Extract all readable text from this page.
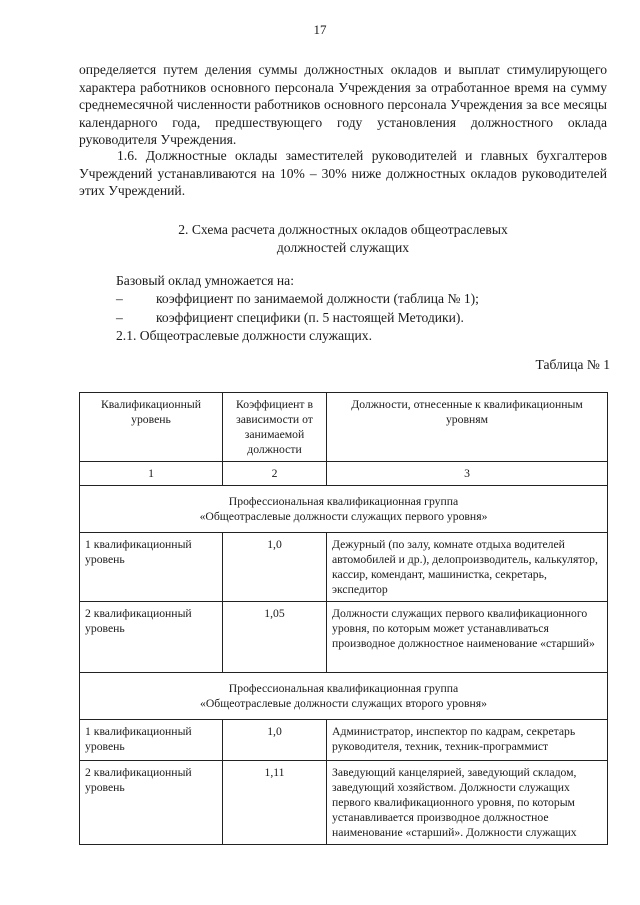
17

определяется путем деления суммы должностных окладов и выплат стимулирующего характера работников основного персонала Учреждения за отработанное время на сумму среднемесячной численности работников основного персонала Учреждения за все месяцы календарного года, предшествующего году установления должностного оклада руководителя Учреждения.

1.6. Должностные оклады заместителей руководителей и главных бухгалтеров Учреждений устанавливаются на 10% – 30% ниже должностных окладов руководителей этих Учреждений.

2. Схема расчета должностных окладов общеотраслевых
должностей служащих
Базовый оклад умножается на:
– коэффициент по занимаемой должности (таблица № 1);
– коэффициент специфики (п. 5 настоящей Методики).
2.1. Общеотраслевые должности служащих.
Таблица № 1
Квалификационный уровень	Коэффициент в зависимости от занимаемой должности	Должности, отнесенные к квалификационным уровням
1	2	3

Профессиональная квалификационная группа
«Общеотраслевые должности служащих первого уровня»		

1 квалификационный уровень	1,0	Дежурный (по залу, комнате отдыха водителей автомобилей и др.), делопроизводитель, калькулятор, кассир, комендант, машинистка, секретарь, экспедитор
2 квалификационный уровень	1,05	Должности служащих первого квалификационного уровня, по которым может устанавливаться производное должностное наименование «старший»

Профессиональная квалификационная группа
«Общеотраслевые должности служащих второго уровня»		

1 квалификационный уровень	1,0	Администратор, инспектор по кадрам, секретарь руководителя, техник, техник-программист
2 квалификационный уровень	1,11	Заведующий канцелярией, заведующий складом, заведующий хозяйством. Должности служащих первого квалификационного уровня, по которым устанавливается производное должностное наименование «старший». Должности служащих
